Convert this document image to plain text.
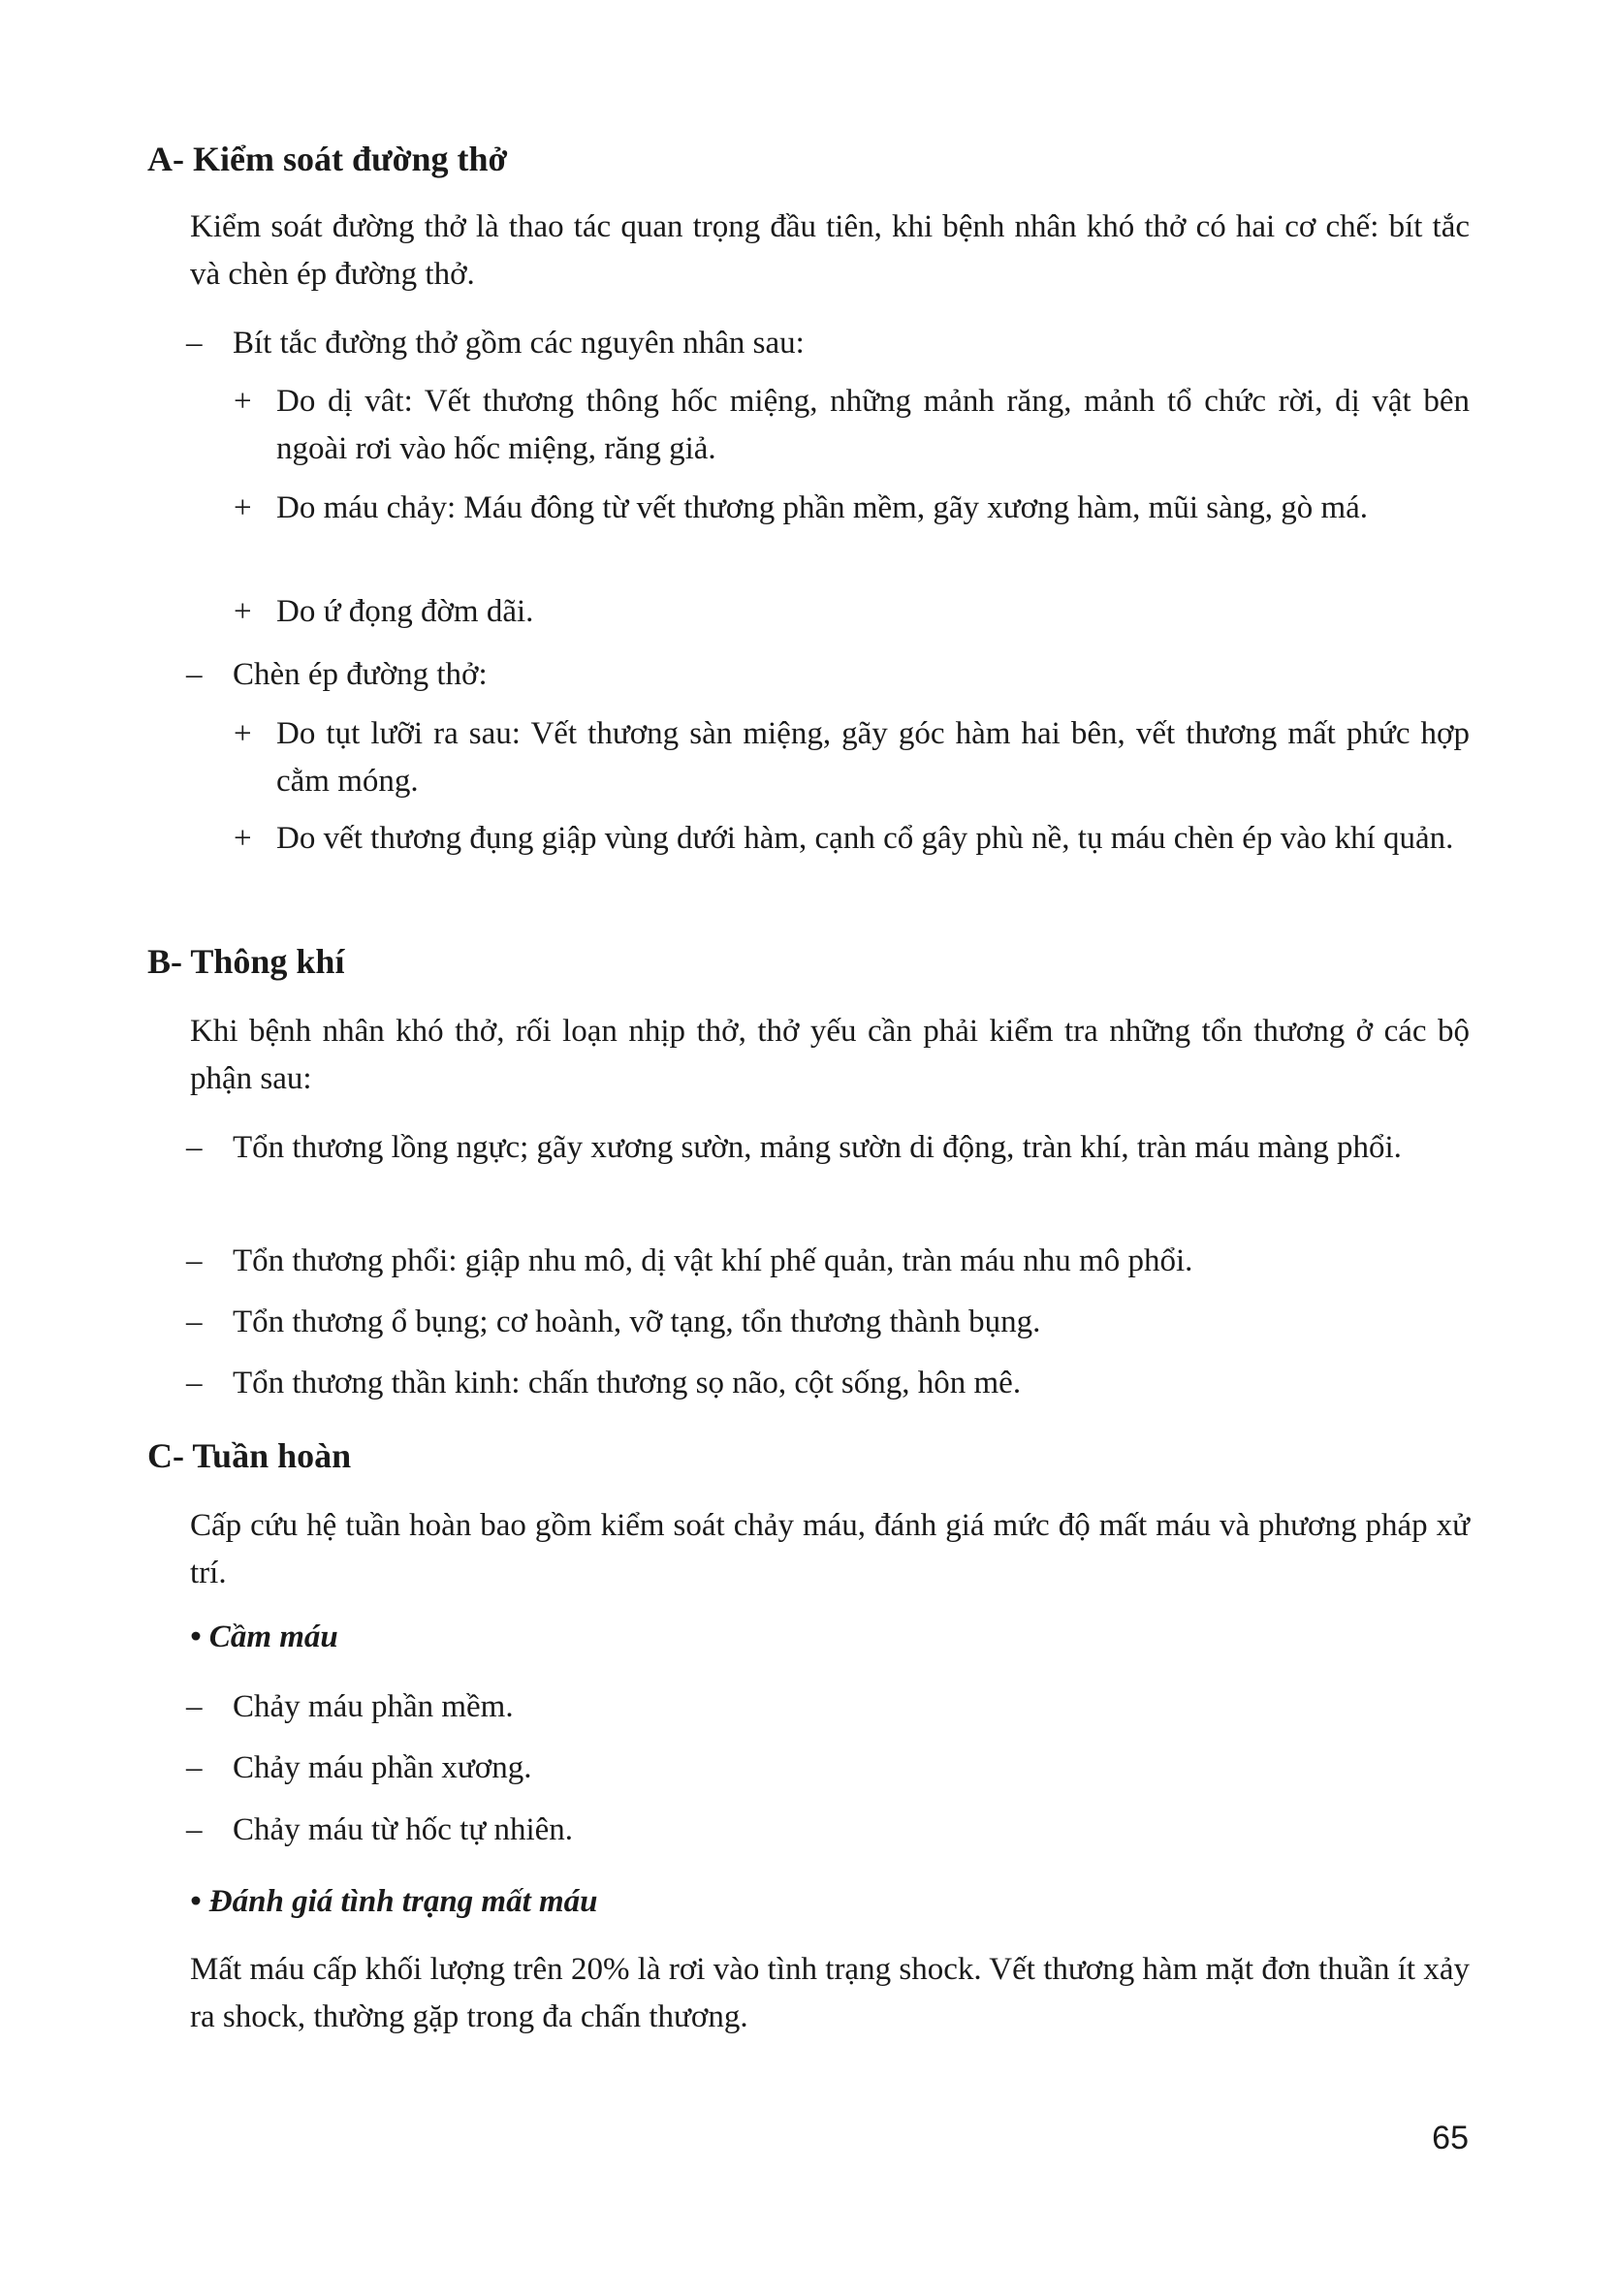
A- Kiểm soát đường thở

Kiểm soát đường thở là thao tác quan trọng đầu tiên, khi bệnh nhân khó thở có hai cơ chế: bít tắc và chèn ép đường thở.

– Bít tắc đường thở gồm các nguyên nhân sau:
+ Do dị vât: Vết thương thông hốc miệng, những mảnh răng, mảnh tổ chức rời, dị vật bên ngoài rơi vào hốc miệng, răng giả.
+ Do máu chảy: Máu đông từ vết thương phần mềm, gãy xương hàm, mũi sàng, gò má.
+ Do ứ đọng đờm dãi.
– Chèn ép đường thở:
+ Do tụt lưỡi ra sau: Vết thương sàn miệng, gãy góc hàm hai bên, vết thương mất phức hợp cằm móng.
+ Do vết thương đụng giập vùng dưới hàm, cạnh cổ gây phù nề, tụ máu chèn ép vào khí quản.
B- Thông khí

Khi bệnh nhân khó thở, rối loạn nhịp thở, thở yếu cần phải kiểm tra những tổn thương ở các bộ phận sau:

– Tổn thương lồng ngực; gãy xương sườn, mảng sườn di động, tràn khí, tràn máu màng phổi.
– Tổn thương phổi: giập nhu mô, dị vật khí phế quản, tràn máu nhu mô phổi.
– Tổn thương ổ bụng; cơ hoành, vỡ tạng, tổn thương thành bụng.
– Tổn thương thần kinh: chấn thương sọ não, cột sống, hôn mê.
C- Tuần hoàn

Cấp cứu hệ tuần hoàn bao gồm kiểm soát chảy máu, đánh giá mức độ mất máu và phương pháp xử trí.

• Cầm máu
– Chảy máu phần mềm.
– Chảy máu phần xương.
– Chảy máu từ hốc tự nhiên.
• Đánh giá tình trạng mất máu

Mất máu cấp khối lượng trên 20% là rơi vào tình trạng shock. Vết thương hàm mặt đơn thuần ít xảy ra shock, thường gặp trong đa chấn thương.

65
